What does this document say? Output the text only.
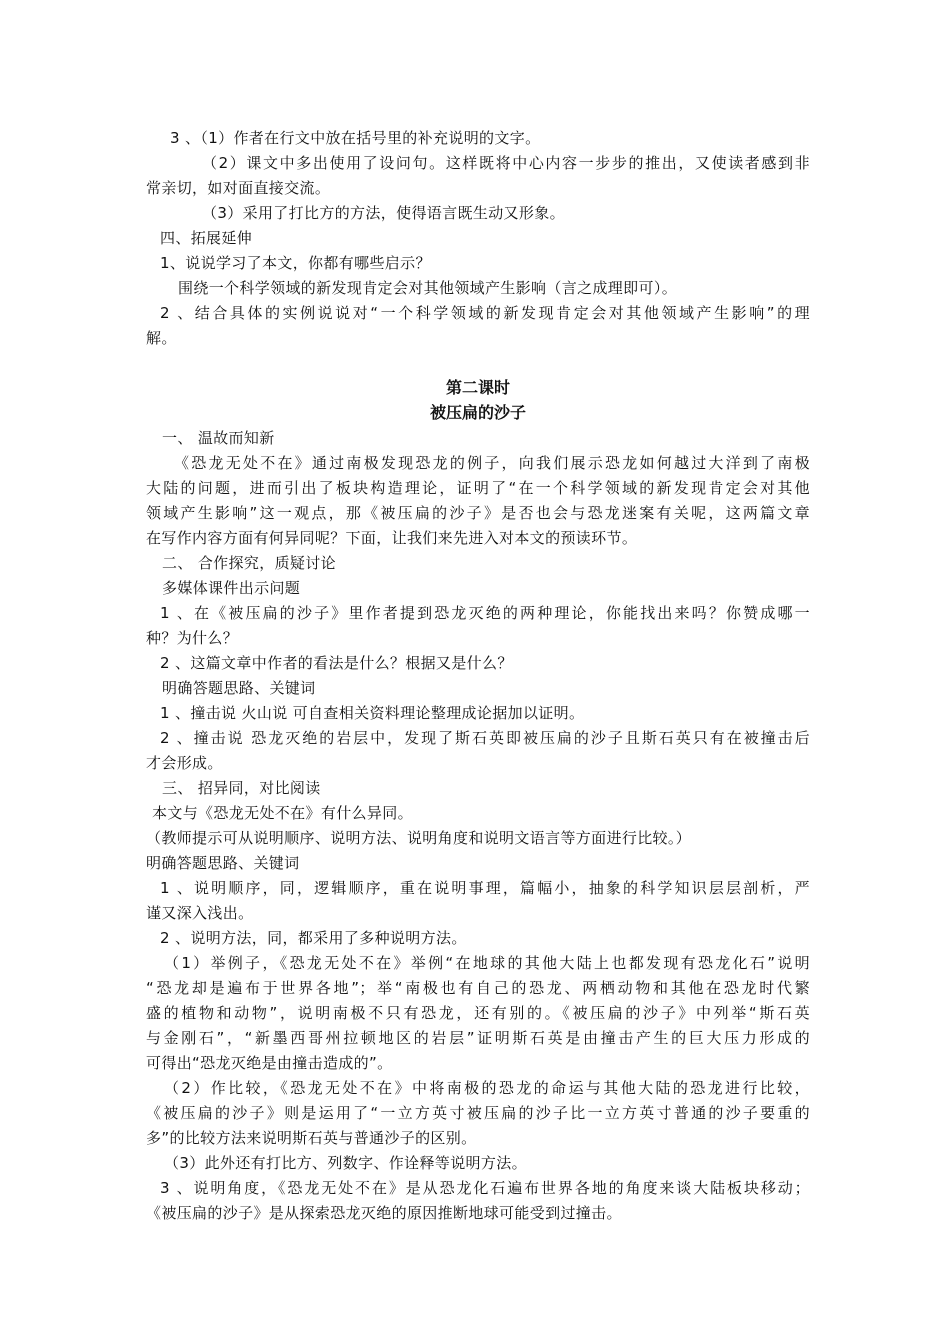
3 、（1）作者在行文中放在括号里的补充说明的文字。
（2）课文中多出使用了设问句。这样既将中心内容一步步的推出，又使读者感到非
常亲切，如对面直接交流。
（3）采用了打比方的方法，使得语言既生动又形象。
四、拓展延伸
1、说说学习了本文，你都有哪些启示？
围绕一个科学领域的新发现肯定会对其他领域产生影响（言之成理即可）。
2 、结合具体的实例说说对“一个科学领域的新发现肯定会对其他领域产生影响”的理
解。
一、 温故而知新
《恐龙无处不在》通过南极发现恐龙的例子，向我们展示恐龙如何越过大洋到了南极
大陆的问题，进而引出了板块构造理论，证明了“在一个科学领域的新发现肯定会对其他
领域产生影响”这一观点，那《被压扁的沙子》是否也会与恐龙迷案有关呢，这两篇文章
在写作内容方面有何异同呢？下面，让我们来先进入对本文的预读环节。
二、 合作探究，质疑讨论
多媒体课件出示问题
1 、在《被压扁的沙子》里作者提到恐龙灭绝的两种理论，你能找出来吗？你赞成哪一
种？为什么？
2 、这篇文章中作者的看法是什么？根据又是什么？
明确答题思路、关键词
1 、撞击说 火山说 可自查相关资料理论整理成论据加以证明。
2 、撞击说 恐龙灭绝的岩层中，发现了斯石英即被压扁的沙子且斯石英只有在被撞击后
才会形成。
三、 招异同，对比阅读
本文与《恐龙无处不在》有什么异同。
（教师提示可从说明顺序、说明方法、说明角度和说明文语言等方面进行比较。）
明确答题思路、关键词
1 、说明顺序，同，逻辑顺序，重在说明事理，篇幅小，抽象的科学知识层层剖析，严
谨又深入浅出。
2 、说明方法，同，都采用了多种说明方法。
（1）举例子，《恐龙无处不在》举例“在地球的其他大陆上也都发现有恐龙化石”说明
“恐龙却是遍布于世界各地”；举“南极也有自己的恐龙、两栖动物和其他在恐龙时代繁
盛的植物和动物”，说明南极不只有恐龙，还有别的。《被压扁的沙子》中列举“斯石英
与金刚石”，“新墨西哥州拉顿地区的岩层”证明斯石英是由撞击产生的巨大压力形成的
可得出“恐龙灭绝是由撞击造成的”。
（2）作比较，《恐龙无处不在》中将南极的恐龙的命运与其他大陆的恐龙进行比较，
《被压扁的沙子》则是运用了“一立方英寸被压扁的沙子比一立方英寸普通的沙子要重的
多”的比较方法来说明斯石英与普通沙子的区别。
（3）此外还有打比方、列数字、作诠释等说明方法。
3 、说明角度，《恐龙无处不在》是从恐龙化石遍布世界各地的角度来谈大陆板块移动；
《被压扁的沙子》是从探索恐龙灭绝的原因推断地球可能受到过撞击。
第二课时
被压扁的沙子
